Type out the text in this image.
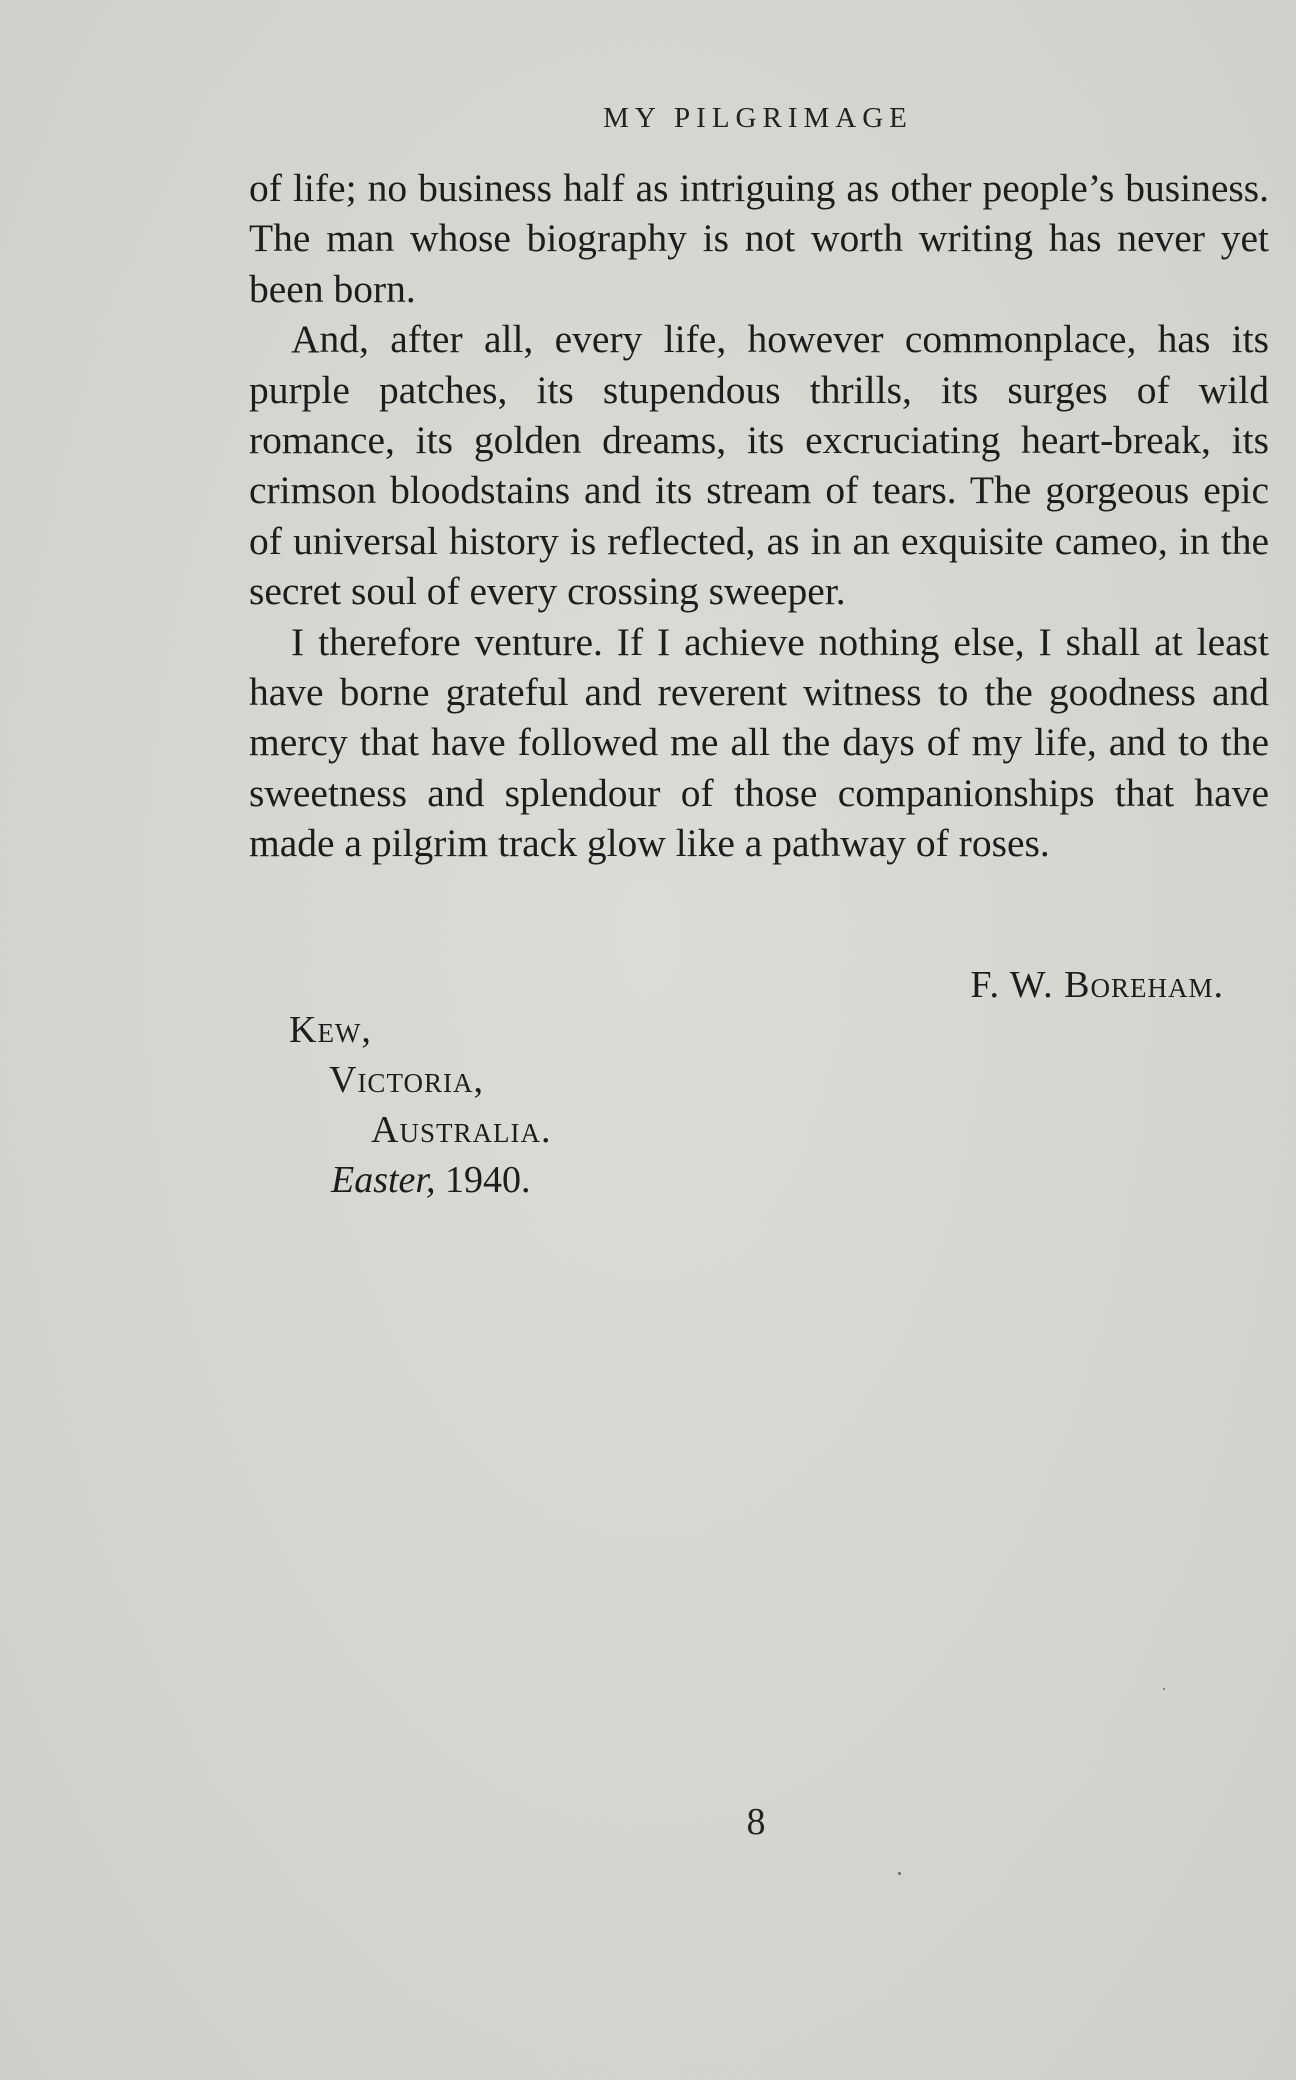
MY PILGRIMAGE

of life; no business half as intriguing as other people’s business. The man whose biography is not worth writing has never yet been born.

And, after all, every life, however commonplace, has its purple patches, its stupendous thrills, its surges of wild romance, its golden dreams, its excruciating heart-break, its crimson bloodstains and its stream of tears. The gorgeous epic of universal history is reflected, as in an exquisite cameo, in the secret soul of every crossing sweeper.

I therefore venture. If I achieve nothing else, I shall at least have borne grateful and reverent witness to the goodness and mercy that have followed me all the days of my life, and to the sweetness and splendour of those companionships that have made a pilgrim track glow like a pathway of roses.

F. W. Boreham.
Kew,
Victoria,
Australia.
Easter, 1940.
8
